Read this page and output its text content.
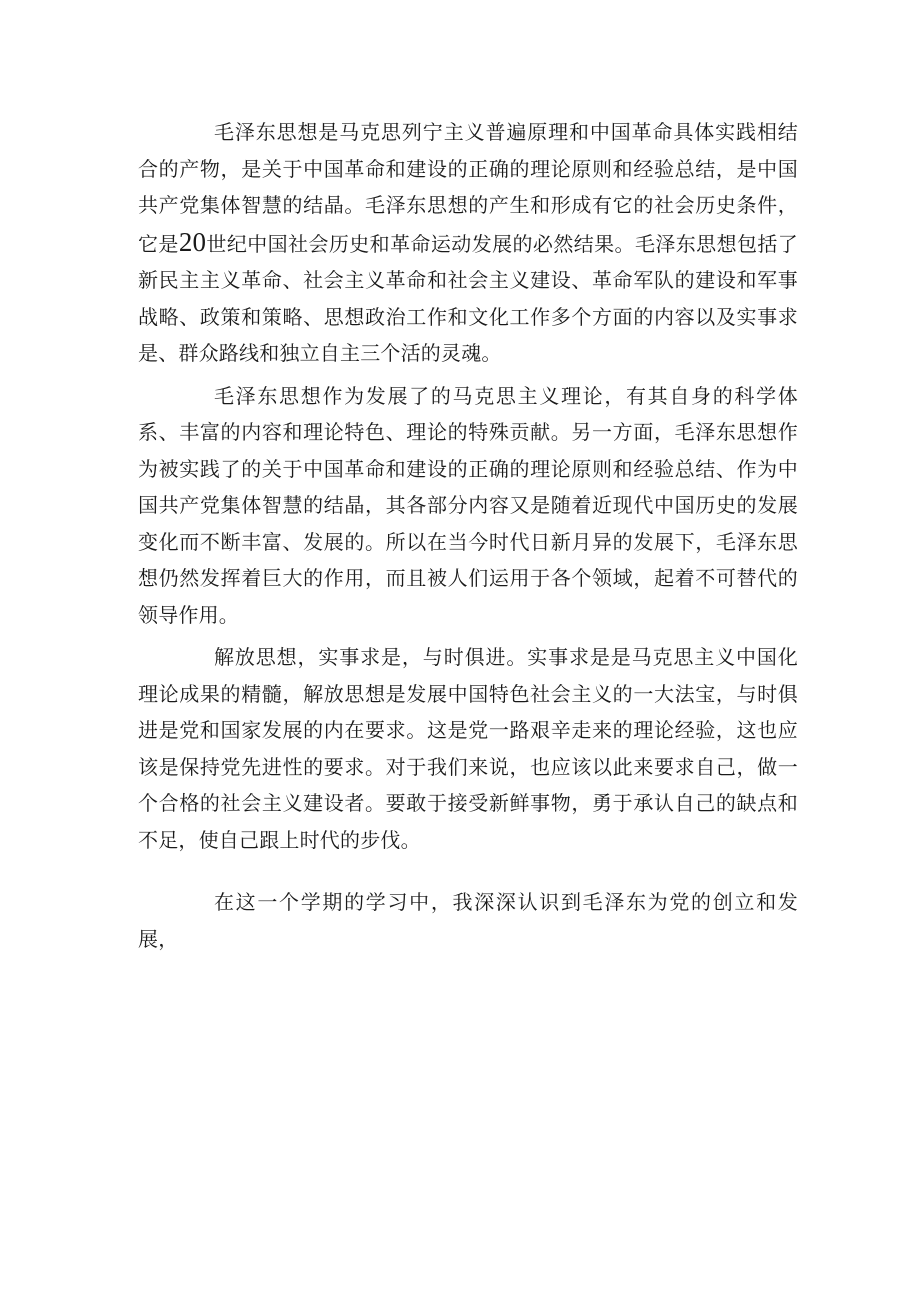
毛泽东思想是马克思列宁主义普遍原理和中国革命具体实践相结合的产物，是关于中国革命和建设的正确的理论原则和经验总结，是中国共产党集体智慧的结晶。毛泽东思想的产生和形成有它的社会历史条件，它是20世纪中国社会历史和革命运动发展的必然结果。毛泽东思想包括了新民主主义革命、社会主义革命和社会主义建设、革命军队的建设和军事战略、政策和策略、思想政治工作和文化工作多个方面的内容以及实事求是、群众路线和独立自主三个活的灵魂。

毛泽东思想作为发展了的马克思主义理论，有其自身的科学体系、丰富的内容和理论特色、理论的特殊贡献。另一方面，毛泽东思想作为被实践了的关于中国革命和建设的正确的理论原则和经验总结、作为中国共产党集体智慧的结晶，其各部分内容又是随着近现代中国历史的发展变化而不断丰富、发展的。所以在当今时代日新月异的发展下，毛泽东思想仍然发挥着巨大的作用，而且被人们运用于各个领域，起着不可替代的领导作用。

解放思想，实事求是，与时俱进。实事求是是马克思主义中国化理论成果的精髓，解放思想是发展中国特色社会主义的一大法宝，与时俱进是党和国家发展的内在要求。这是党一路艰辛走来的理论经验，这也应该是保持党先进性的要求。对于我们来说，也应该以此来要求自己，做一个合格的社会主义建设者。要敢于接受新鲜事物，勇于承认自己的缺点和不足，使自己跟上时代的步伐。

在这一个学期的学习中，我深深认识到毛泽东为党的创立和发展，
